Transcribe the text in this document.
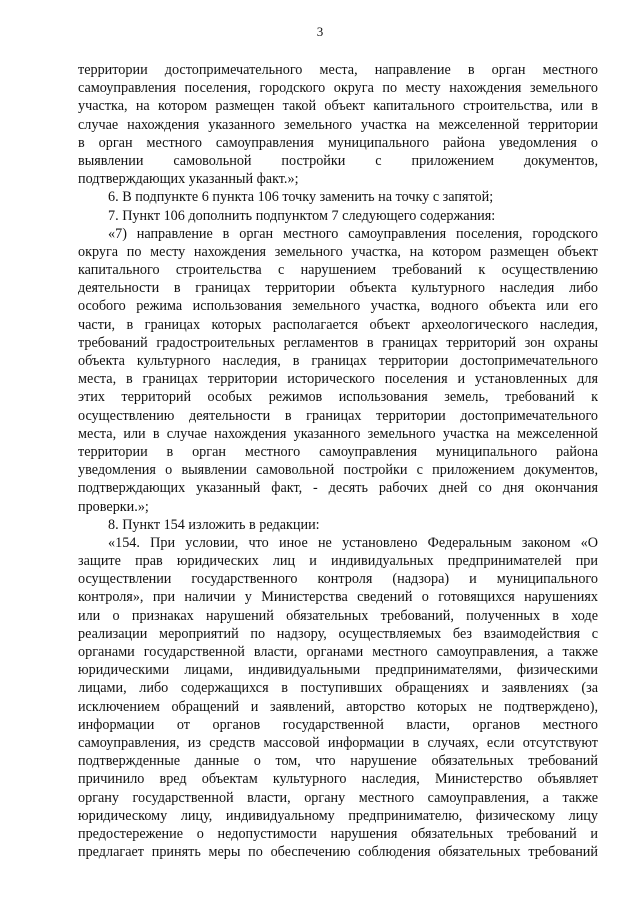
3
территории достопримечательного места, направление в орган местного
самоуправления поселения, городского округа по месту нахождения земельного
участка, на котором размещен такой объект капитального строительства, или в
случае нахождения указанного земельного участка на межселенной территории
в орган местного самоуправления муниципального района уведомления о
выявлении самовольной постройки с приложением документов,
подтверждающих указанный факт.»;
6. В подпункте 6 пункта 106 точку заменить на точку с запятой;
7. Пункт 106 дополнить подпунктом 7 следующего содержания:
«7) направление в орган местного самоуправления поселения, городского
округа по месту нахождения земельного участка, на котором размещен объект
капитального строительства с нарушением требований к осуществлению
деятельности в границах территории объекта культурного наследия либо
особого режима использования земельного участка, водного объекта или его
части, в границах которых располагается объект археологического наследия,
требований градостроительных регламентов в границах территорий зон охраны
объекта культурного наследия, в границах территории достопримечательного
места, в границах территории исторического поселения и установленных для
этих территорий особых режимов использования земель, требований к
осуществлению деятельности в границах территории достопримечательного
места, или в случае нахождения указанного земельного участка на межселенной
территории в орган местного самоуправления муниципального района
уведомления о выявлении самовольной постройки с приложением документов,
подтверждающих указанный факт, - десять рабочих дней со дня окончания
проверки.»;
8. Пункт 154 изложить в редакции:
«154. При условии, что иное не установлено Федеральным законом «О
защите прав юридических лиц и индивидуальных предпринимателей при
осуществлении государственного контроля (надзора) и муниципального
контроля», при наличии у Министерства сведений о готовящихся нарушениях
или о признаках нарушений обязательных требований, полученных в ходе
реализации мероприятий по надзору, осуществляемых без взаимодействия с
органами государственной власти, органами местного самоуправления, а также
юридическими лицами, индивидуальными предпринимателями, физическими
лицами, либо содержащихся в поступивших обращениях и заявлениях (за
исключением обращений и заявлений, авторство которых не подтверждено),
информации от органов государственной власти, органов местного
самоуправления, из средств массовой информации в случаях, если отсутствуют
подтвержденные данные о том, что нарушение обязательных требований
причинило вред объектам культурного наследия, Министерство объявляет
органу государственной власти, органу местного самоуправления, а также
юридическому лицу, индивидуальному предпринимателю, физическому лицу
предостережение о недопустимости нарушения обязательных требований и
предлагает принять меры по обеспечению соблюдения обязательных требований
